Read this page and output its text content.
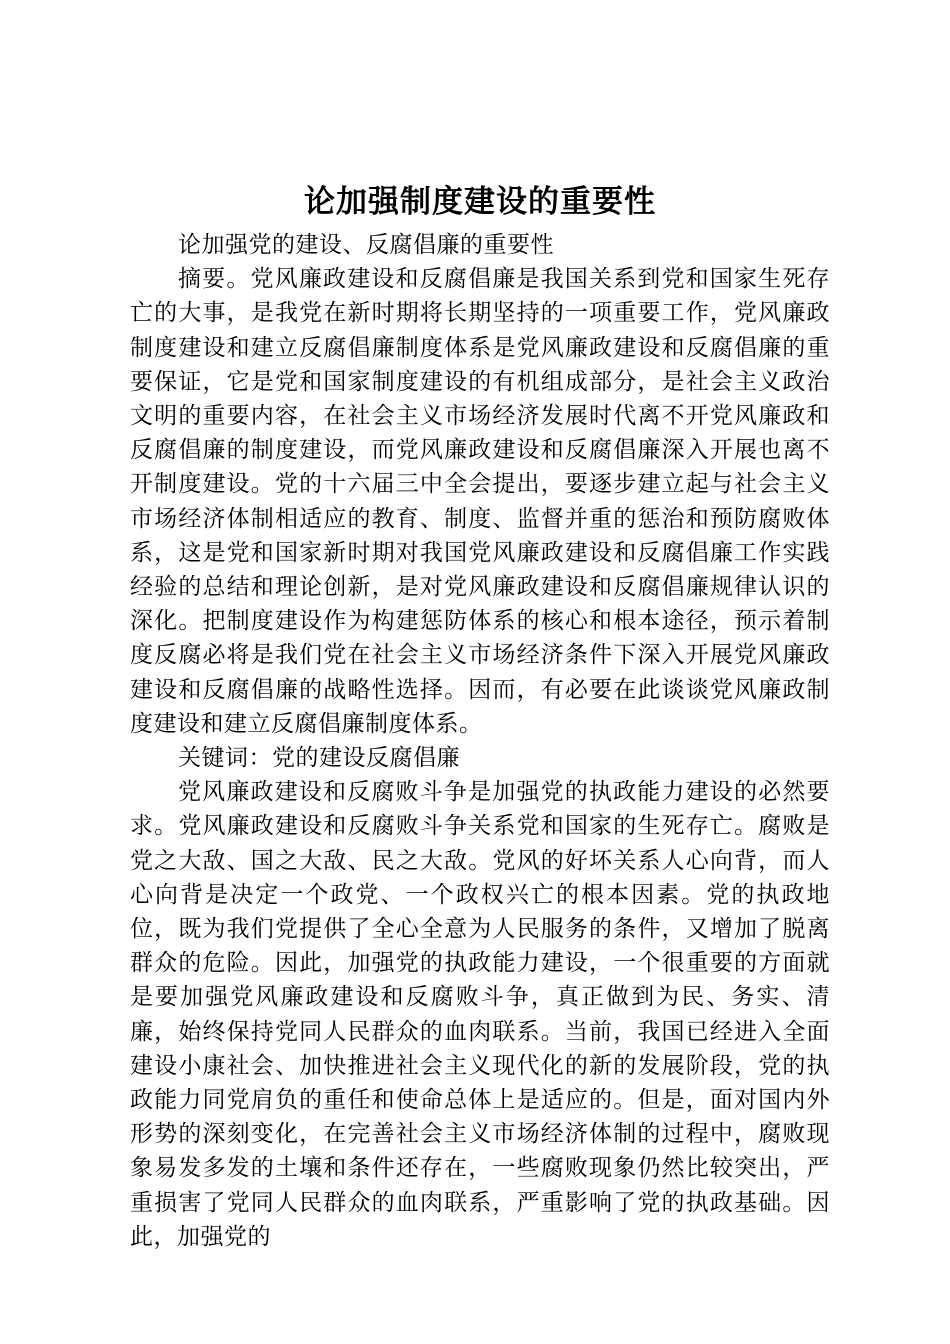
论加强制度建设的重要性

论加强党的建设、反腐倡廉的重要性

摘要。党风廉政建设和反腐倡廉是我国关系到党和国家生死存亡的大事，是我党在新时期将长期坚持的一项重要工作，党风廉政制度建设和建立反腐倡廉制度体系是党风廉政建设和反腐倡廉的重要保证，它是党和国家制度建设的有机组成部分，是社会主义政治文明的重要内容，在社会主义市场经济发展时代离不开党风廉政和反腐倡廉的制度建设，而党风廉政建设和反腐倡廉深入开展也离不开制度建设。党的十六届三中全会提出，要逐步建立起与社会主义市场经济体制相适应的教育、制度、监督并重的惩治和预防腐败体系，这是党和国家新时期对我国党风廉政建设和反腐倡廉工作实践经验的总结和理论创新，是对党风廉政建设和反腐倡廉规律认识的深化。把制度建设作为构建惩防体系的核心和根本途径，预示着制度反腐必将是我们党在社会主义市场经济条件下深入开展党风廉政建设和反腐倡廉的战略性选择。因而，有必要在此谈谈党风廉政制度建设和建立反腐倡廉制度体系。

关键词：党的建设反腐倡廉

党风廉政建设和反腐败斗争是加强党的执政能力建设的必然要求。党风廉政建设和反腐败斗争关系党和国家的生死存亡。腐败是党之大敌、国之大敌、民之大敌。党风的好坏关系人心向背，而人心向背是决定一个政党、一个政权兴亡的根本因素。党的执政地位，既为我们党提供了全心全意为人民服务的条件，又增加了脱离群众的危险。因此，加强党的执政能力建设，一个很重要的方面就是要加强党风廉政建设和反腐败斗争，真正做到为民、务实、清廉，始终保持党同人民群众的血肉联系。当前，我国已经进入全面建设小康社会、加快推进社会主义现代化的新的发展阶段，党的执政能力同党肩负的重任和使命总体上是适应的。但是，面对国内外形势的深刻变化，在完善社会主义市场经济体制的过程中，腐败现象易发多发的土壤和条件还存在，一些腐败现象仍然比较突出，严重损害了党同人民群众的血肉联系，严重影响了党的执政基础。因此，加强党的
